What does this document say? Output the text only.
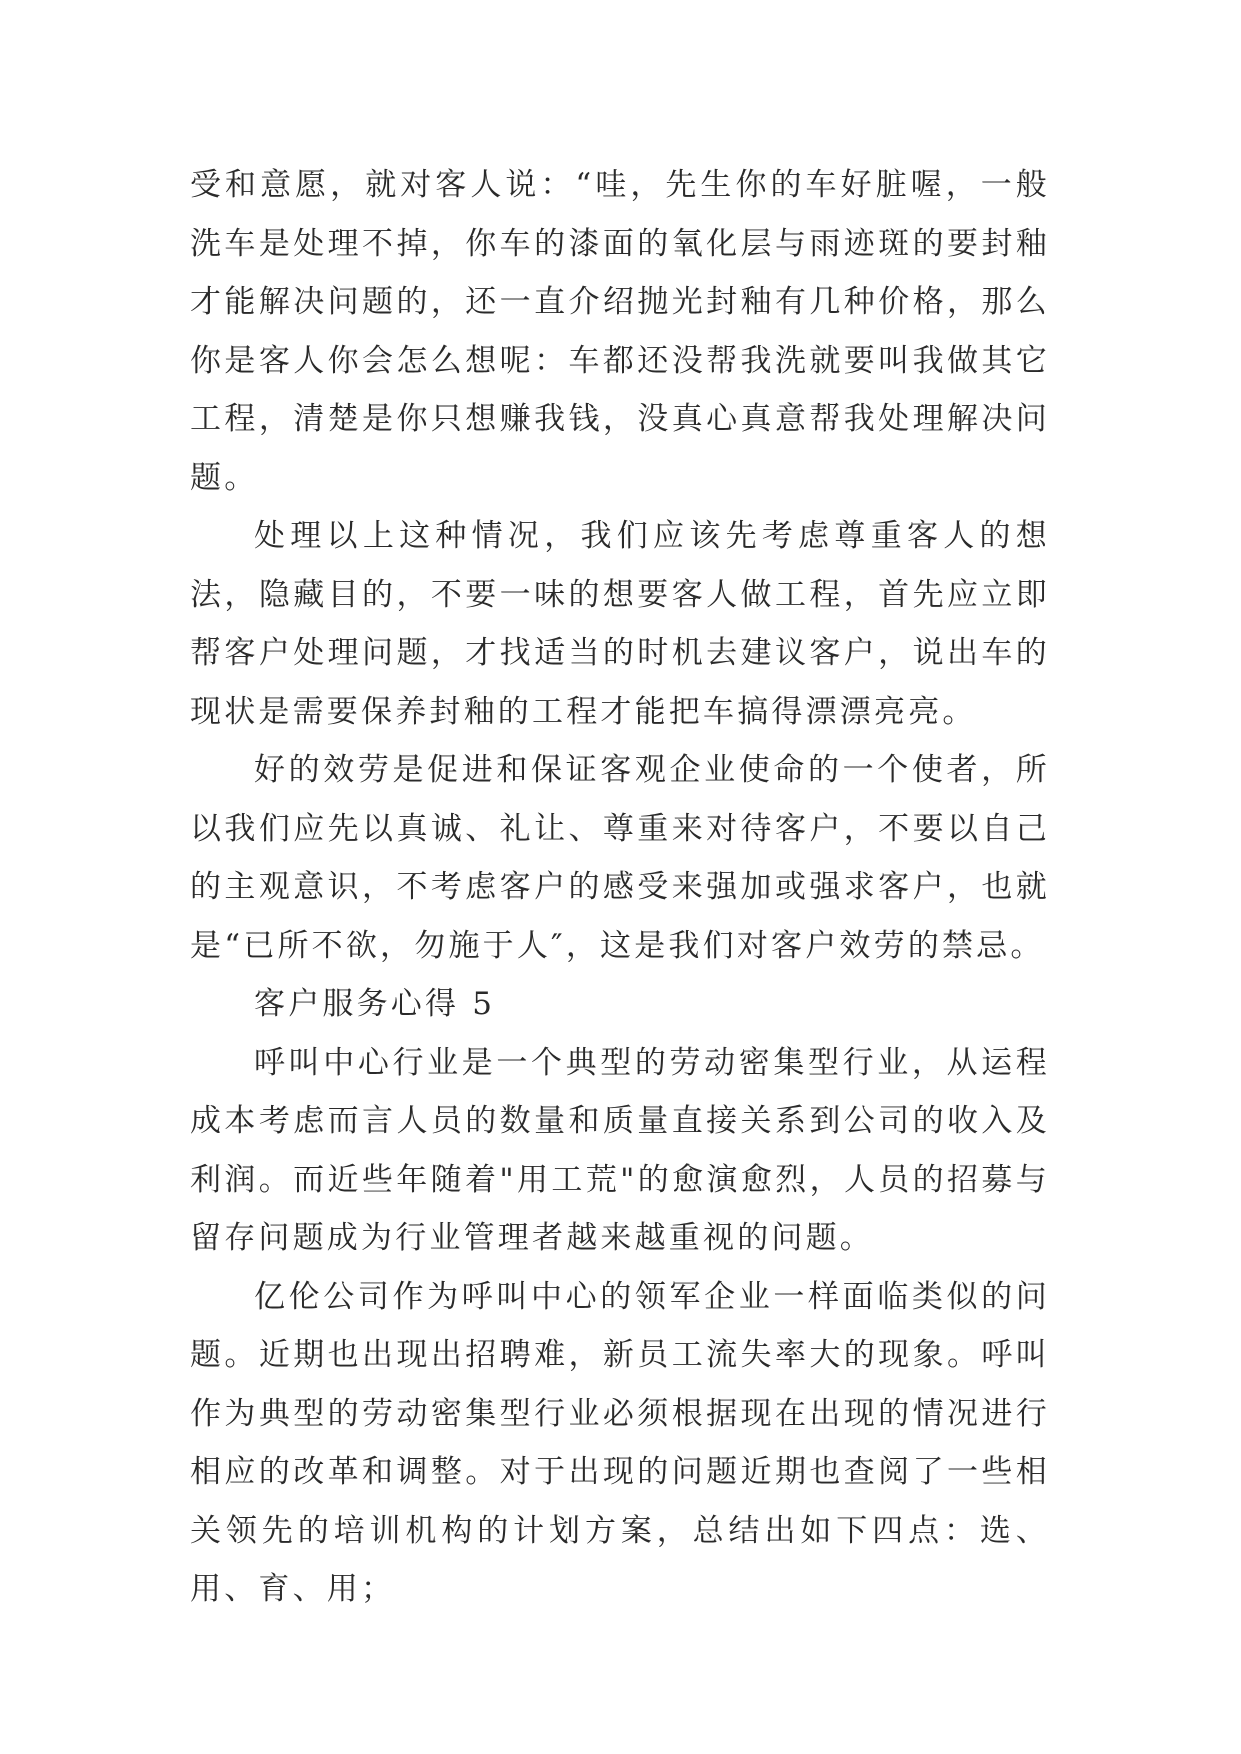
受和意愿，就对客人说：“哇，先生你的车好脏喔，一般洗车是处理不掉，你车的漆面的氧化层与雨迹斑的要封釉才能解决问题的，还一直介绍抛光封釉有几种价格，那么你是客人你会怎么想呢：车都还没帮我洗就要叫我做其它工程，清楚是你只想赚我钱，没真心真意帮我处理解决问题。

处理以上这种情况，我们应该先考虑尊重客人的想法，隐藏目的，不要一味的想要客人做工程，首先应立即帮客户处理问题，才找适当的时机去建议客户，说出车的现状是需要保养封釉的工程才能把车搞得漂漂亮亮。

好的效劳是促进和保证客观企业使命的一个使者，所以我们应先以真诚、礼让、尊重来对待客户，不要以自己的主观意识，不考虑客户的感受来强加或强求客户，也就是“已所不欲，勿施于人″，这是我们对客户效劳的禁忌。

客户服务心得 5

呼叫中心行业是一个典型的劳动密集型行业，从运程成本考虑而言人员的数量和质量直接关系到公司的收入及利润。而近些年随着"用工荒"的愈演愈烈，人员的招募与留存问题成为行业管理者越来越重视的问题。

亿伦公司作为呼叫中心的领军企业一样面临类似的问题。近期也出现出招聘难，新员工流失率大的现象。呼叫作为典型的劳动密集型行业必须根据现在出现的情况进行相应的改革和调整。对于出现的问题近期也查阅了一些相关领先的培训机构的计划方案，总结出如下四点：选、用、育、用；
